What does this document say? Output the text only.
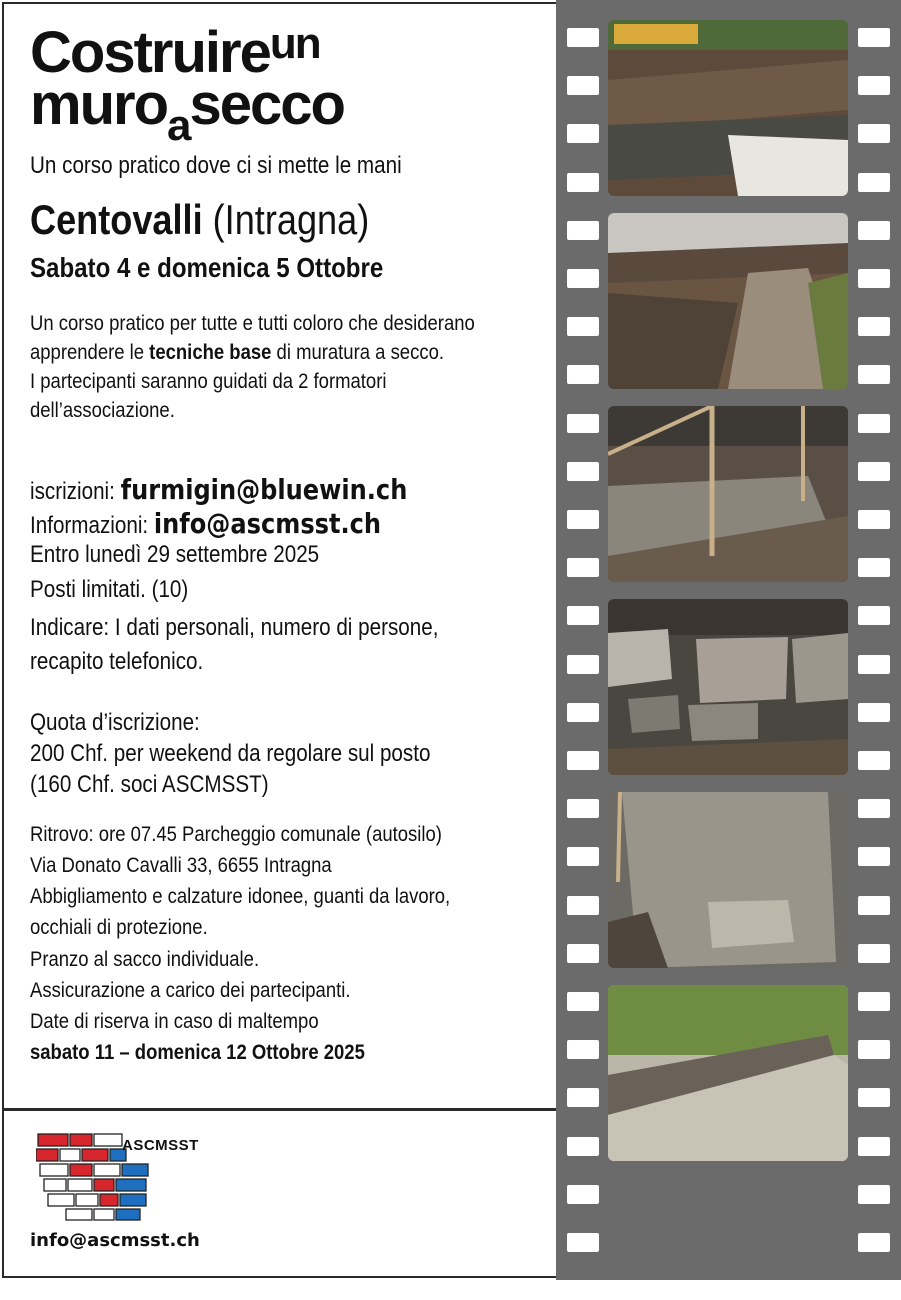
Costruire$^{un}$
muro$_a$secco
Un corso pratico dove ci si mette le mani
Centovalli (Intragna)
Sabato 4 e domenica 5 Ottobre
Un corso pratico per tutte e tutti coloro che desiderano
apprendere le tecniche base di muratura a secco.
I partecipanti saranno guidati da 2 formatori
dell’associazione.
iscrizioni: furmigin@bluewin.ch
Informazioni: info@ascmsst.ch
Entro lunedì 29 settembre 2025
Posti limitati. (10)
Indicare: I dati personali, numero di persone,
recapito telefonico.
Quota d’iscrizione:
200 Chf. per weekend da regolare sul posto
(160 Chf. soci ASCMSST)
Ritrovo: ore 07.45 Parcheggio comunale (autosilo)
Via Donato Cavalli 33, 6655 Intragna
Abbigliamento e calzature idonee, guanti da lavoro,
occhiali di protezione.
Pranzo al sacco individuale.
Assicurazione a carico dei partecipanti.
Date di riserva in caso di maltempo
sabato 11 – domenica 12 Ottobre 2025
ASCMSST
info@ascmsst.ch
